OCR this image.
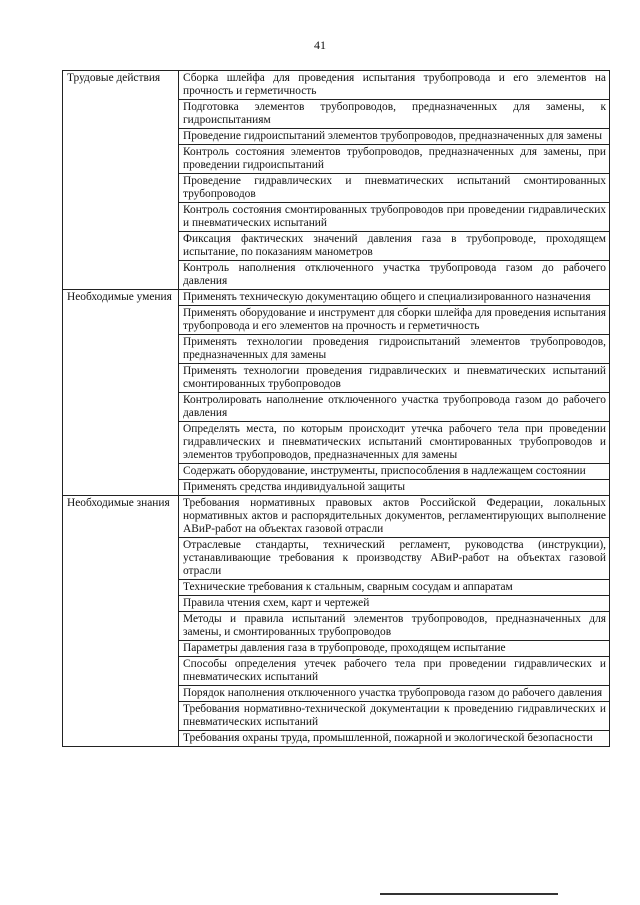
41
Трудовые действия	Сборка шлейфа для проведения испытания трубопровода и его элементов на прочность и герметичность
	Подготовка элементов трубопроводов, предназначенных для замены, к гидроиспытаниям
	Проведение гидроиспытаний элементов трубопроводов, предназначенных для замены
	Контроль состояния элементов трубопроводов, предназначенных для замены, при проведении гидроиспытаний
	Проведение гидравлических и пневматических испытаний смонтированных трубопроводов
	Контроль состояния смонтированных трубопроводов при проведении гидравлических и пневматических испытаний
	Фиксация фактических значений давления газа в трубопроводе, проходящем испытание, по показаниям манометров
	Контроль наполнения отключенного участка трубопровода газом до рабочего давления
Необходимые умения	Применять техническую документацию общего и специализированного назначения
	Применять оборудование и инструмент для сборки шлейфа для проведения испытания трубопровода и его элементов на прочность и герметичность
	Применять технологии проведения гидроиспытаний элементов трубопроводов, предназначенных для замены
	Применять технологии проведения гидравлических и пневматических испытаний смонтированных трубопроводов
	Контролировать наполнение отключенного участка трубопровода газом до рабочего давления
	Определять места, по которым происходит утечка рабочего тела при проведении гидравлических и пневматических испытаний смонтированных трубопроводов и элементов трубопроводов, предназначенных для замены
	Содержать оборудование, инструменты, приспособления в надлежащем состоянии
	Применять средства индивидуальной защиты
Необходимые знания	Требования нормативных правовых актов Российской Федерации, локальных нормативных актов и распорядительных документов, регламентирующих выполнение АВиР-работ на объектах газовой отрасли
	Отраслевые стандарты, технический регламент, руководства (инструкции), устанавливающие требования к производству АВиР-работ на объектах газовой отрасли
	Технические требования к стальным, сварным сосудам и аппаратам
	Правила чтения схем, карт и чертежей
	Методы и правила испытаний элементов трубопроводов, предназначенных для замены, и смонтированных трубопроводов
	Параметры давления газа в трубопроводе, проходящем испытание
	Способы определения утечек рабочего тела при проведении гидравлических и пневматических испытаний
	Порядок наполнения отключенного участка трубопровода газом до рабочего давления
	Требования нормативно-технической документации к проведению гидравлических и пневматических испытаний
	Требования охраны труда, промышленной, пожарной и экологической безопасности
